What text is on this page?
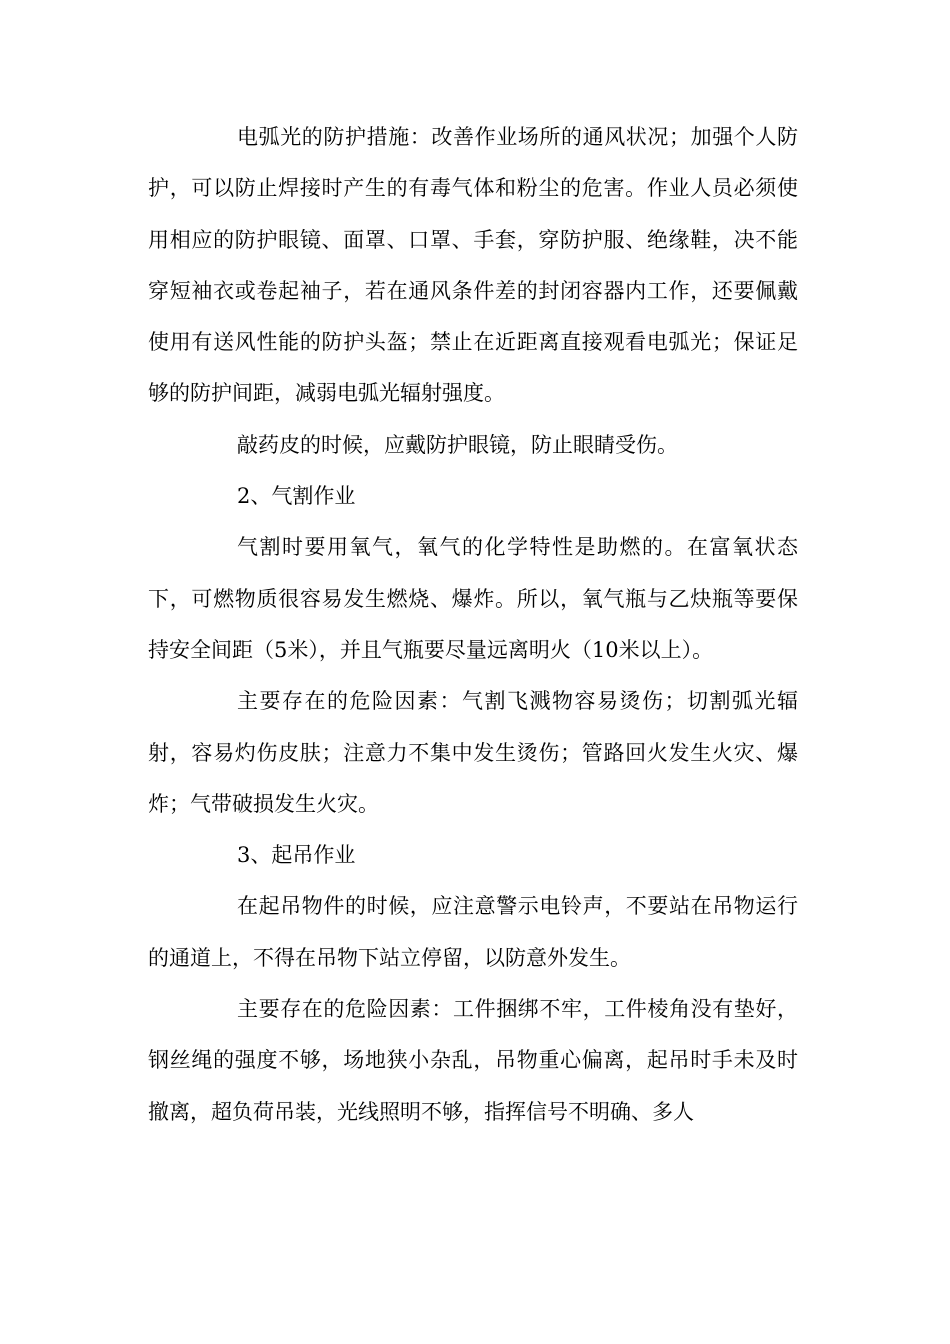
电弧光的防护措施：改善作业场所的通风状况；加强个人防护，可以防止焊接时产生的有毒气体和粉尘的危害。作业人员必须使用相应的防护眼镜、面罩、口罩、手套，穿防护服、绝缘鞋，决不能穿短袖衣或卷起袖子，若在通风条件差的封闭容器内工作，还要佩戴使用有送风性能的防护头盔；禁止在近距离直接观看电弧光；保证足够的防护间距，减弱电弧光辐射强度。

敲药皮的时候，应戴防护眼镜，防止眼睛受伤。

2、气割作业

气割时要用氧气，氧气的化学特性是助燃的。在富氧状态下，可燃物质很容易发生燃烧、爆炸。所以，氧气瓶与乙炔瓶等要保持安全间距（5米），并且气瓶要尽量远离明火（10米以上）。

主要存在的危险因素：气割飞溅物容易烫伤；切割弧光辐射，容易灼伤皮肤；注意力不集中发生烫伤；管路回火发生火灾、爆炸；气带破损发生火灾。

3、起吊作业

在起吊物件的时候，应注意警示电铃声，不要站在吊物运行的通道上，不得在吊物下站立停留，以防意外发生。

主要存在的危险因素：工件捆绑不牢，工件棱角没有垫好，钢丝绳的强度不够，场地狭小杂乱，吊物重心偏离，起吊时手未及时撤离，超负荷吊装，光线照明不够，指挥信号不明确、多人
